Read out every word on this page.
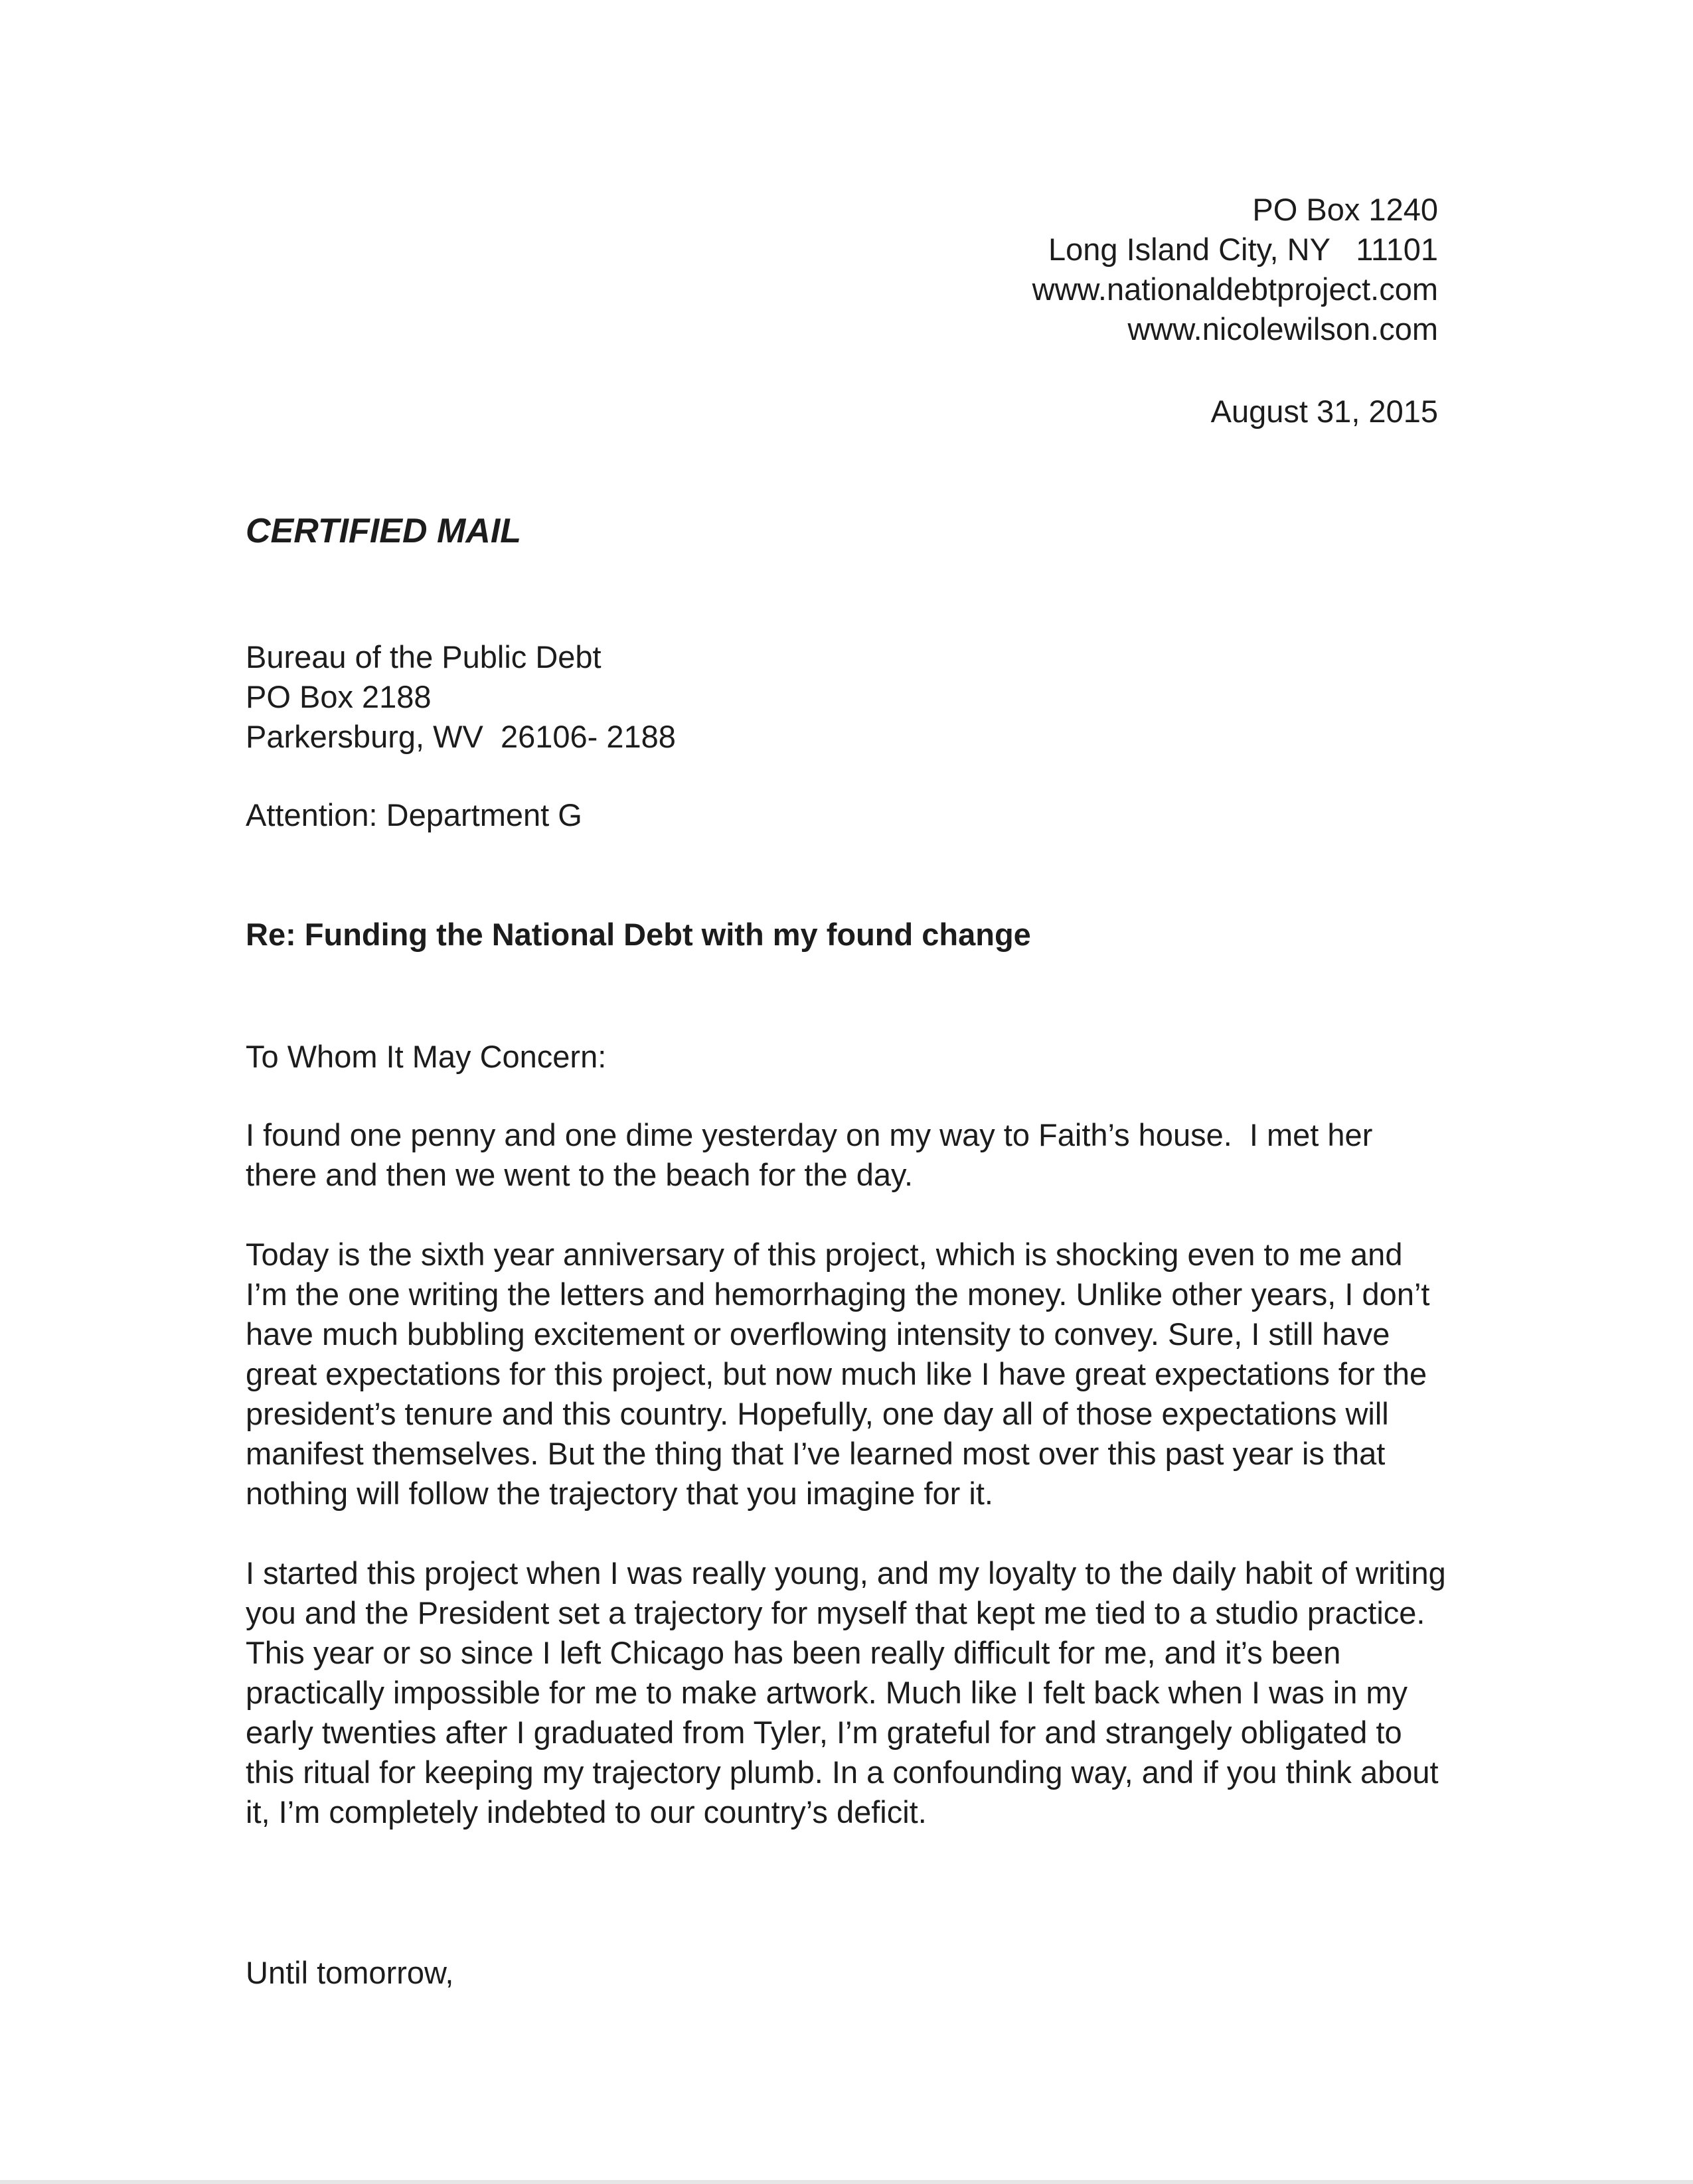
PO Box 1240
Long Island City, NY   11101
www.nationaldebtproject.com
www.nicolewilson.com
August 31, 2015
CERTIFIED MAIL
Bureau of the Public Debt
PO Box 2188
Parkersburg, WV  26106- 2188
Attention: Department G
Re: Funding the National Debt with my found change
To Whom It May Concern:

I found one penny and one dime yesterday on my way to Faith’s house.  I met her there and then we went to the beach for the day.

Today is the sixth year anniversary of this project, which is shocking even to me and I’m the one writing the letters and hemorrhaging the money. Unlike other years, I don’t have much bubbling excitement or overflowing intensity to convey. Sure, I still have great expectations for this project, but now much like I have great expectations for the president’s tenure and this country. Hopefully, one day all of those expectations will manifest themselves. But the thing that I’ve learned most over this past year is that nothing will follow the trajectory that you imagine for it.

I started this project when I was really young, and my loyalty to the daily habit of writing you and the President set a trajectory for myself that kept me tied to a studio practice. This year or so since I left Chicago has been really difficult for me, and it’s been practically impossible for me to make artwork. Much like I felt back when I was in my early twenties after I graduated from Tyler, I’m grateful for and strangely obligated to this ritual for keeping my trajectory plumb. In a confounding way, and if you think about it, I’m completely indebted to our country’s deficit.

Until tomorrow,
